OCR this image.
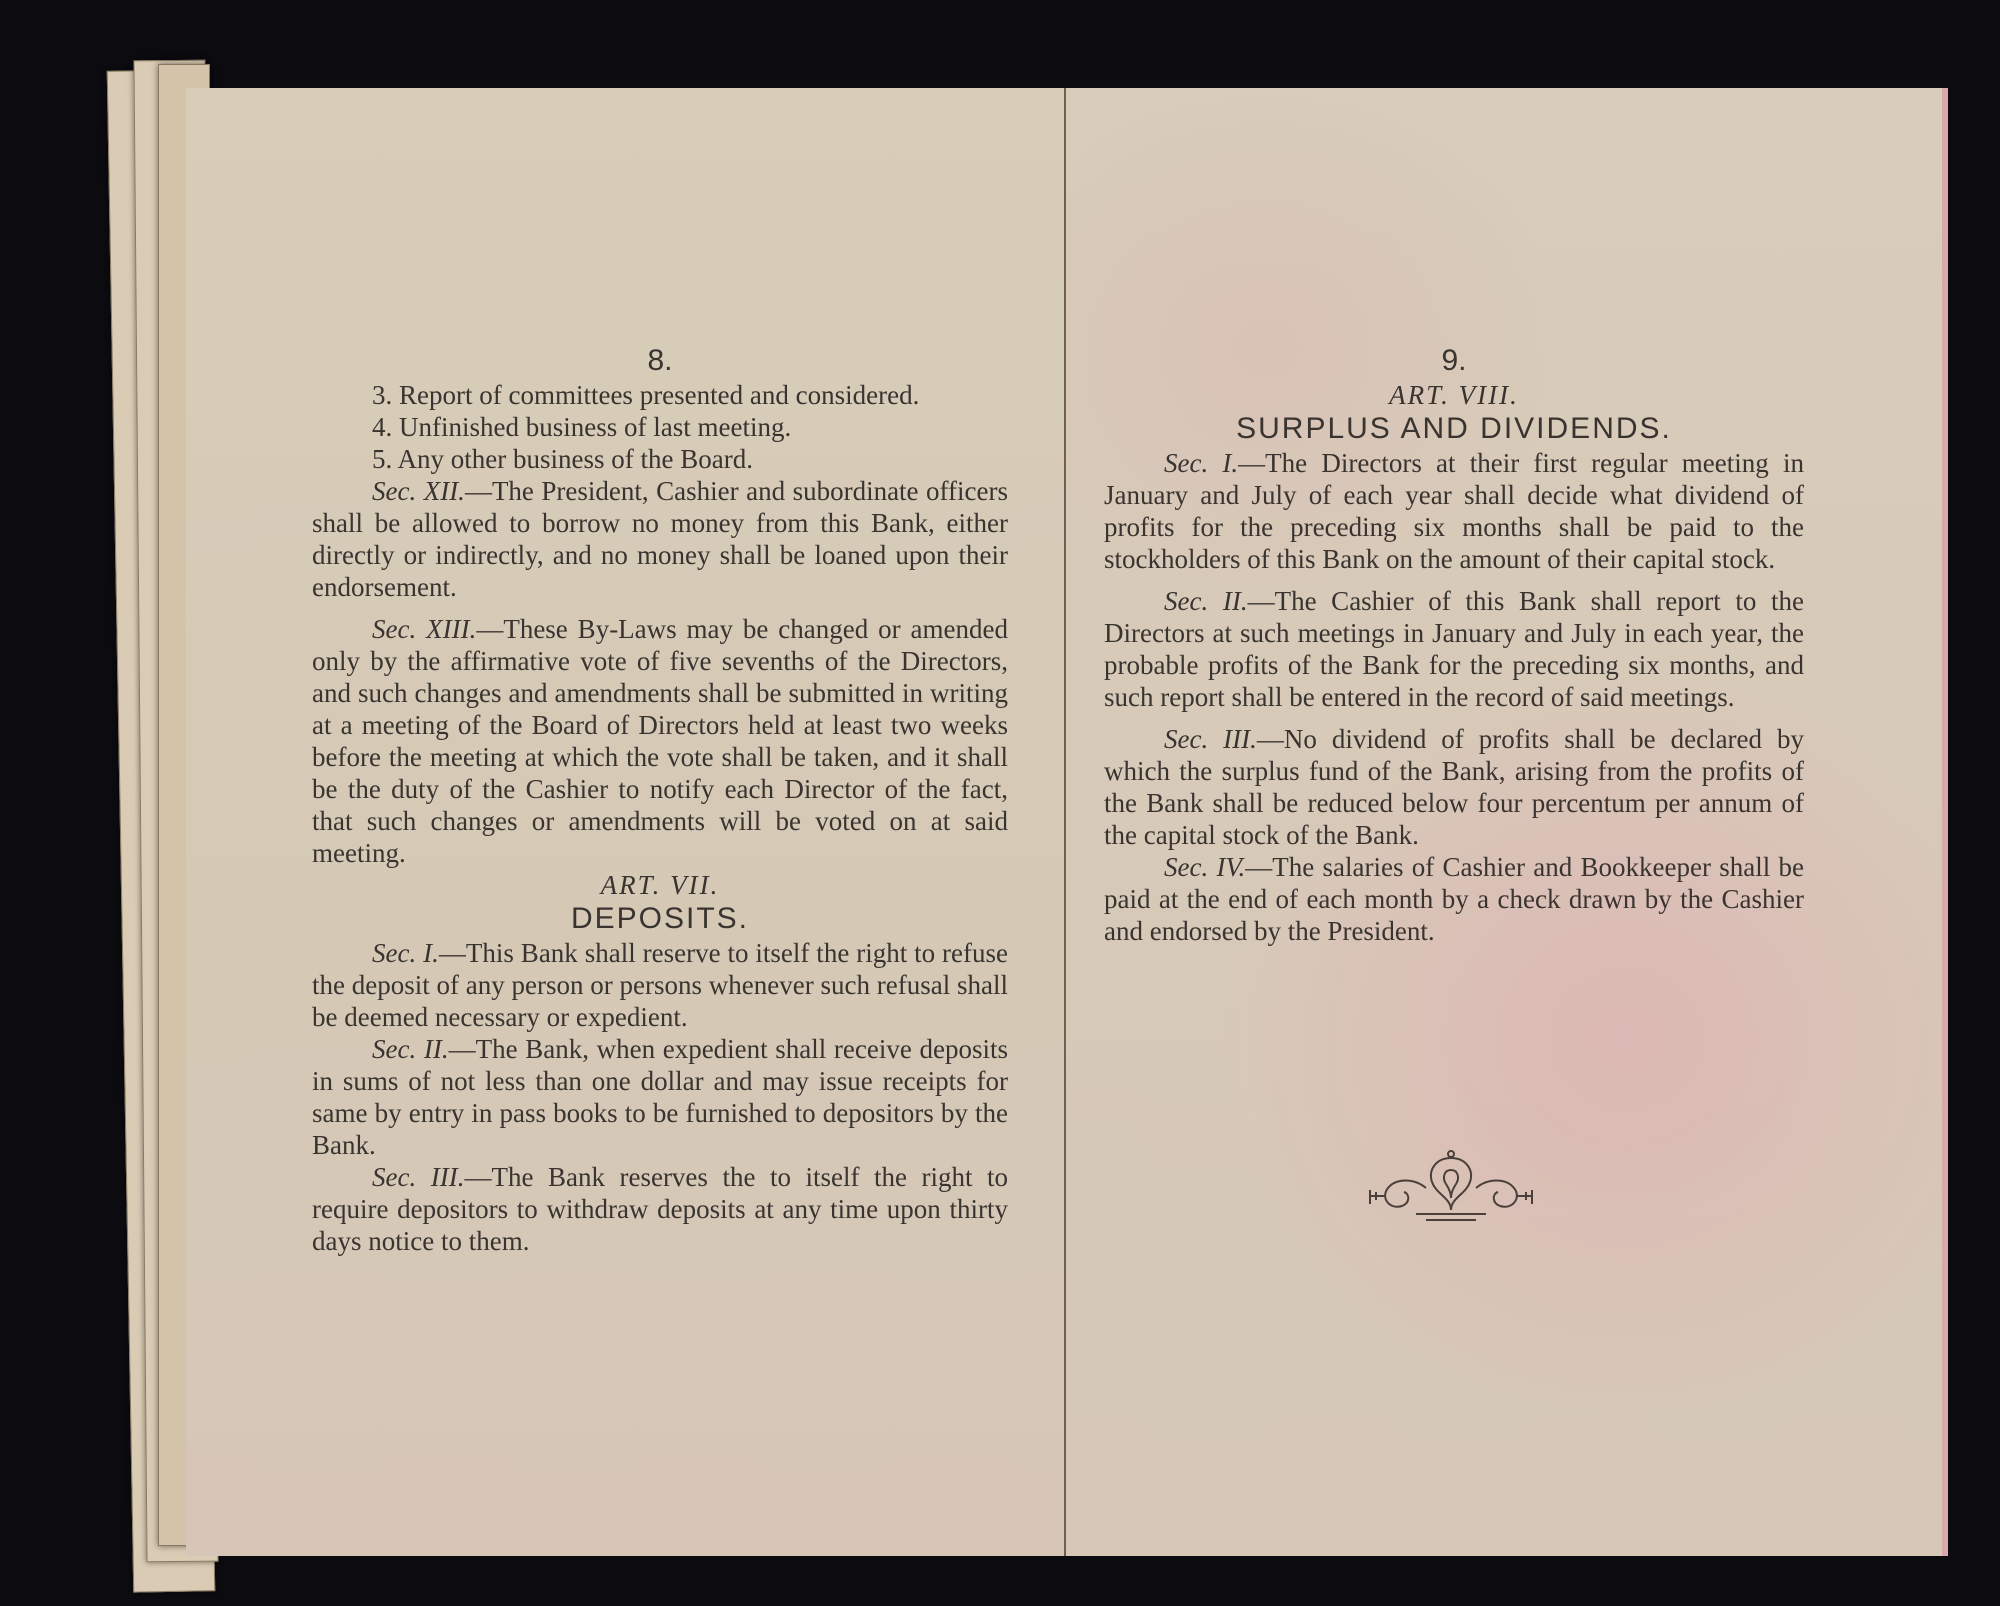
8.

3. Report of committees presented and considered.

4. Unfinished business of last meeting.

5. Any other business of the Board.

Sec. XII.—The President, Cashier and subordinate officers shall be allowed to borrow no money from this Bank, either directly or indirectly, and no money shall be loaned upon their endorsement.

Sec. XIII.—These By-Laws may be changed or amended only by the affirmative vote of five sevenths of the Directors, and such changes and amendments shall be submitted in writing at a meeting of the Board of Directors held at least two weeks before the meeting at which the vote shall be taken, and it shall be the duty of the Cashier to notify each Director of the fact, that such changes or amendments will be voted on at said meeting.

ART. VII.
DEPOSITS.

Sec. I.—This Bank shall reserve to itself the right to refuse the deposit of any person or persons whenever such refusal shall be deemed necessary or expedient.

Sec. II.—The Bank, when expedient shall receive deposits in sums of not less than one dollar and may issue receipts for same by entry in pass books to be furnished to depositors by the Bank.

Sec. III.—The Bank reserves the to itself the right to require depositors to withdraw deposits at any time upon thirty days notice to them.

9.
ART. VIII.
SURPLUS AND DIVIDENDS.

Sec. I.—The Directors at their first regular meeting in January and July of each year shall decide what dividend of profits for the preceding six months shall be paid to the stockholders of this Bank on the amount of their capital stock.

Sec. II.—The Cashier of this Bank shall report to the Directors at such meetings in January and July in each year, the probable profits of the Bank for the preceding six months, and such report shall be entered in the record of said meetings.

Sec. III.—No dividend of profits shall be declared by which the surplus fund of the Bank, arising from the profits of the Bank shall be reduced below four percentum per annum of the capital stock of the Bank.

Sec. IV.—The salaries of Cashier and Bookkeeper shall be paid at the end of each month by a check drawn by the Cashier and endorsed by the President.
